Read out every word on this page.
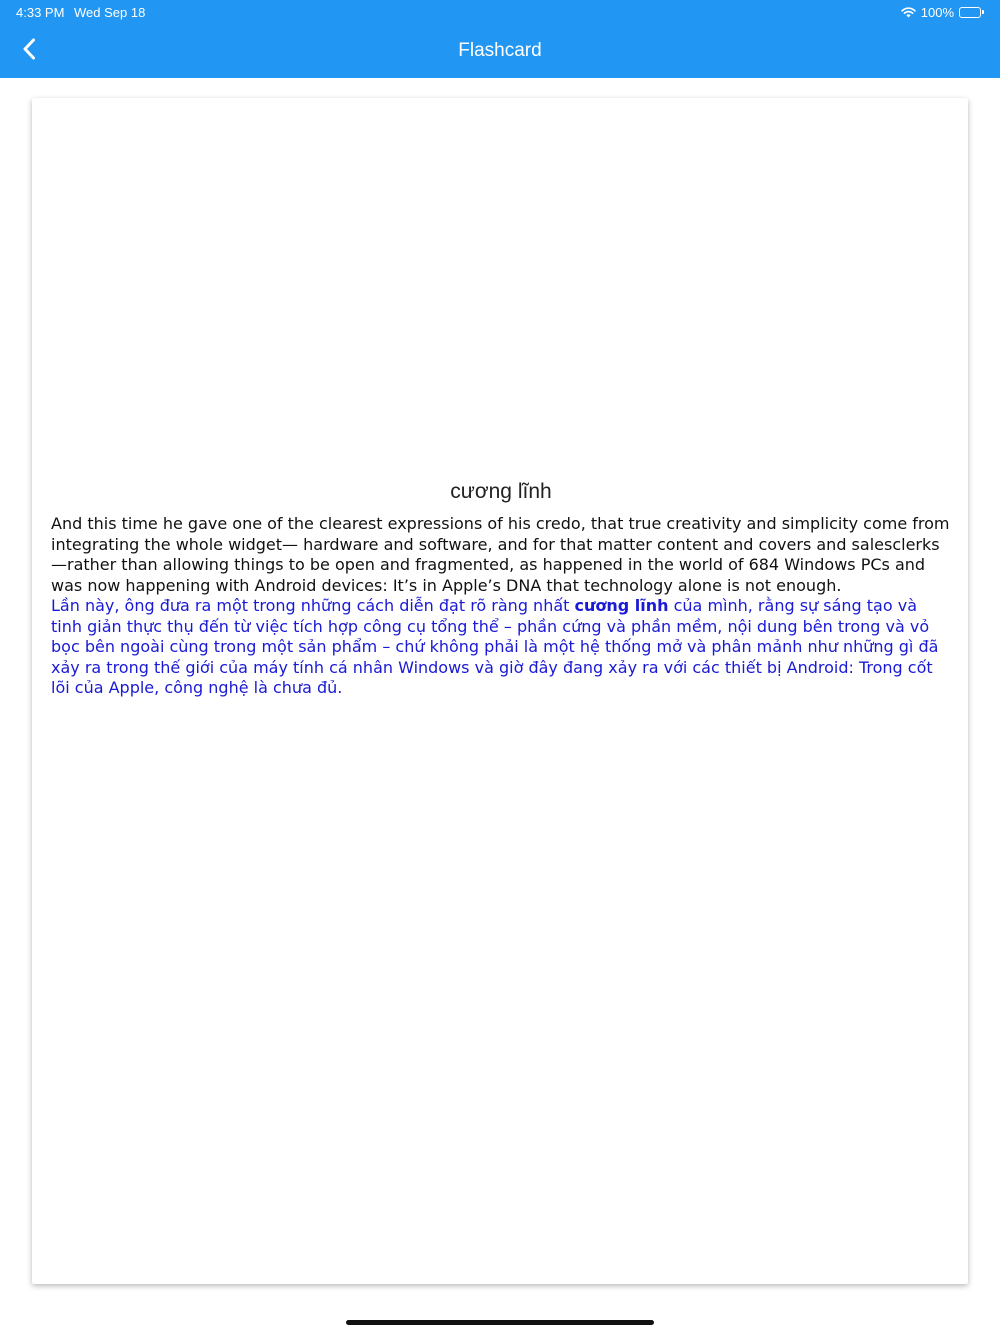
4:33 PM Wed Sep 18	100%
Flashcard
cương lĩnh
And this time he gave one of the clearest expressions of his credo, that true creativity and simplicity come from integrating the whole widget— hardware and software, and for that matter content and covers and salesclerks—rather than allowing things to be open and fragmented, as happened in the world of 684 Windows PCs and was now happening with Android devices: It’s in Apple’s DNA that technology alone is not enough.
Lần này, ông đưa ra một trong những cách diễn đạt rõ ràng nhất cương lĩnh của mình, rằng sự sáng tạo và tinh giản thực thụ đến từ việc tích hợp công cụ tổng thể – phần cứng và phần mềm, nội dung bên trong và vỏ bọc bên ngoài cùng trong một sản phẩm – chứ không phải là một hệ thống mở và phân mảnh như những gì đã xảy ra trong thế giới của máy tính cá nhân Windows và giờ đây đang xảy ra với các thiết bị Android: Trong cốt lõi của Apple, công nghệ là chưa đủ.
